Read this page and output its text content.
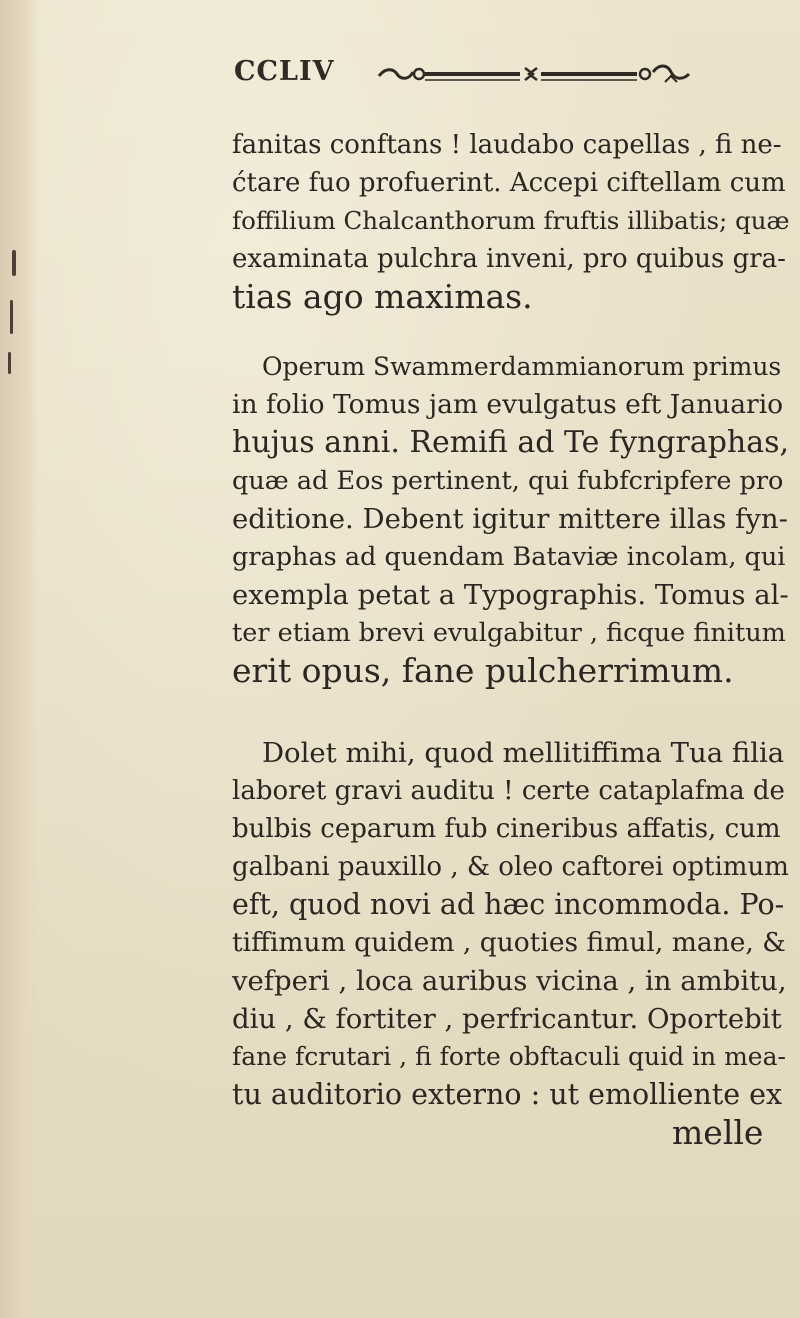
CCLIV
fanitas conftans ! laudabo capellas , fi ne-
ćtare fuo profuerint. Accepi ciftellam cum
foffilium Chalcanthorum fruftis illibatis; quæ
examinata pulchra inveni, pro quibus gra-
tias ago maximas.
Operum Swammerdammianorum primus
in folio Tomus jam evulgatus eft Januario
hujus anni. Remifi ad Te fyngraphas,
quæ ad Eos pertinent, qui fubfcripfere pro
editione. Debent igitur mittere illas fyn-
graphas ad quendam Bataviæ incolam, qui
exempla petat a Typographis. Tomus al-
ter etiam brevi evulgabitur , ficque finitum
erit opus, fane pulcherrimum.
Dolet mihi, quod mellitiffima Tua filia
laboret gravi auditu ! certe cataplafma de
bulbis ceparum fub cineribus affatis, cum
galbani pauxillo , & oleo caftorei optimum
eft, quod novi ad hæc incommoda. Po-
tiffimum quidem , quoties fimul, mane, &
vefperi , loca auribus vicina , in ambitu,
diu , & fortiter , perfricantur. Oportebit
fane fcrutari , fi forte obftaculi quid in mea-
tu auditorio externo : ut emolliente ex
melle
